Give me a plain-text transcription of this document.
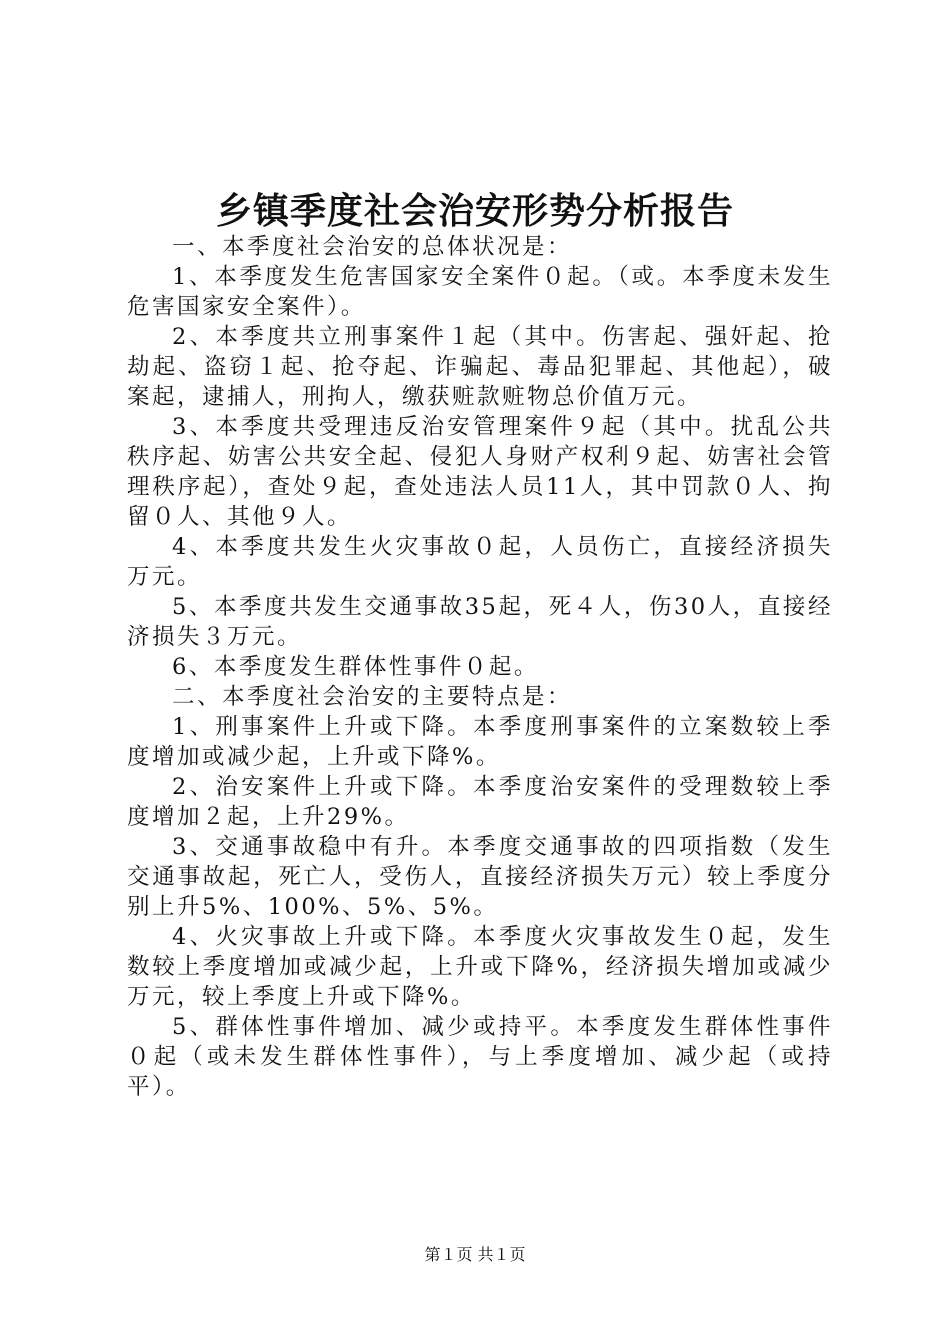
乡镇季度社会治安形势分析报告

一、本季度社会治安的总体状况是：

1、本季度发生危害国家安全案件０起。（或。本季度未发生危害国家安全案件）。

2、本季度共立刑事案件１起（其中。伤害起、强奸起、抢劫起、盗窃１起、抢夺起、诈骗起、毒品犯罪起、其他起），破案起，逮捕人，刑拘人，缴获赃款赃物总价值万元。

3、本季度共受理违反治安管理案件９起（其中。扰乱公共秩序起、妨害公共安全起、侵犯人身财产权利９起、妨害社会管理秩序起），查处９起，查处违法人员11人，其中罚款０人、拘留０人、其他９人。

4、本季度共发生火灾事故０起，人员伤亡，直接经济损失万元。

5、本季度共发生交通事故35起，死４人，伤30人，直接经济损失３万元。

6、本季度发生群体性事件０起。

二、本季度社会治安的主要特点是：

1、刑事案件上升或下降。本季度刑事案件的立案数较上季度增加或减少起，上升或下降%。

2、治安案件上升或下降。本季度治安案件的受理数较上季度增加２起，上升29%。

3、交通事故稳中有升。本季度交通事故的四项指数（发生交通事故起，死亡人，受伤人，直接经济损失万元）较上季度分别上升5%、100%、5%、5%。

4、火灾事故上升或下降。本季度火灾事故发生０起，发生数较上季度增加或减少起，上升或下降%，经济损失增加或减少万元，较上季度上升或下降%。

5、群体性事件增加、减少或持平。本季度发生群体性事件０起（或未发生群体性事件），与上季度增加、减少起（或持平）。

第１页 共１页
